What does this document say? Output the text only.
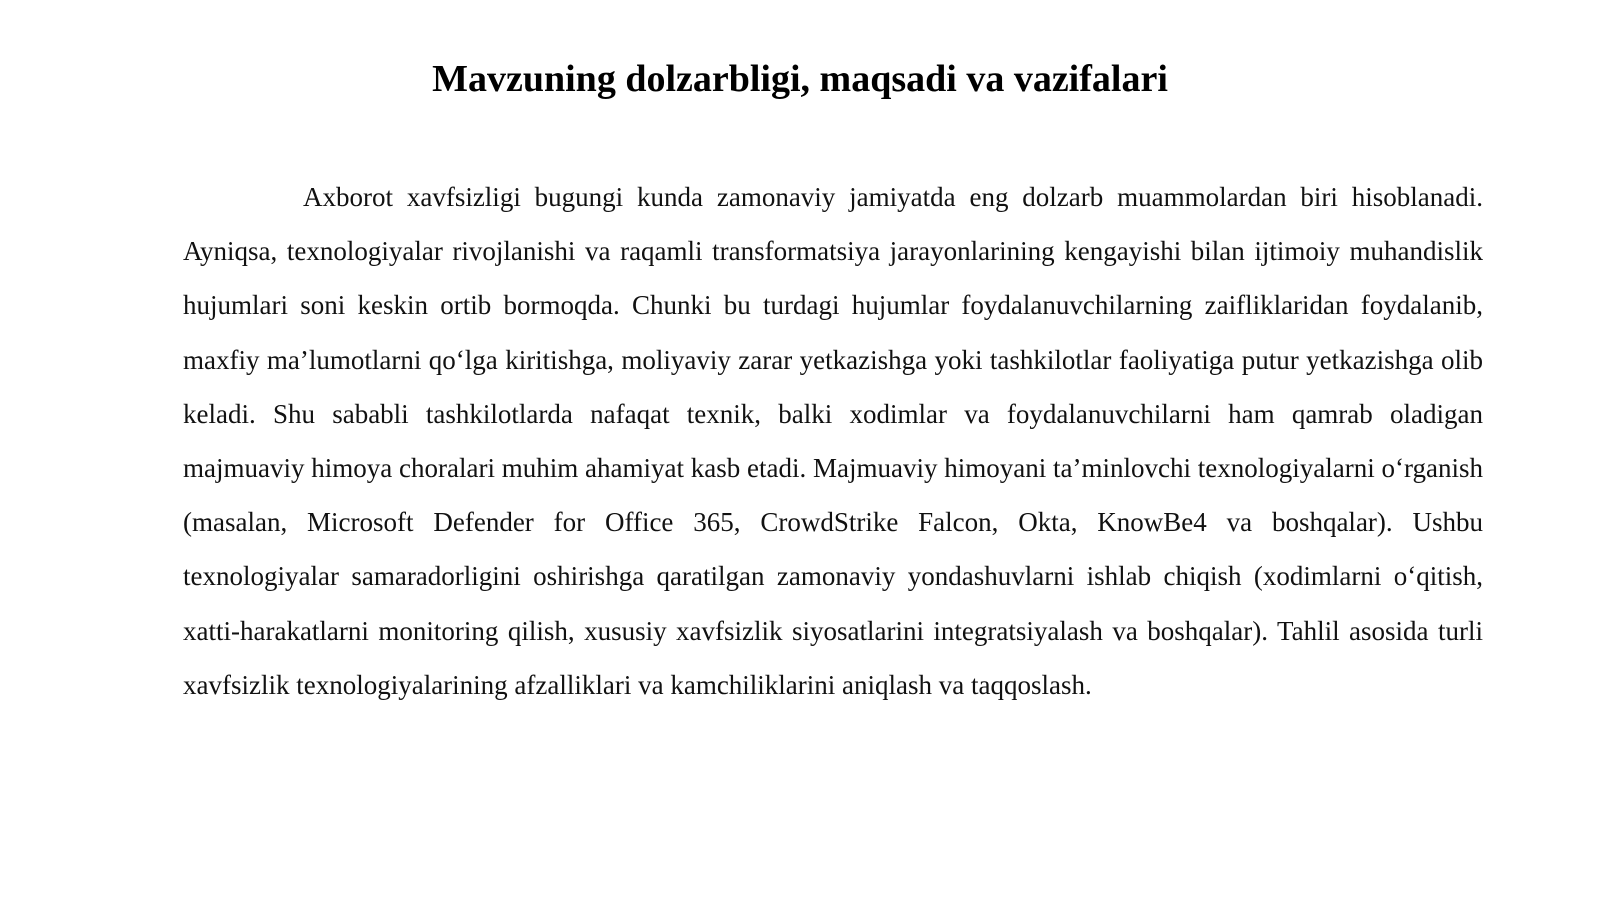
Mavzuning dolzarbligi, maqsadi va vazifalari

Axborot xavfsizligi bugungi kunda zamonaviy jamiyatda eng dolzarb muammolardan biri hisoblanadi. Ayniqsa, texnologiyalar rivojlanishi va raqamli transformatsiya jarayonlarining kengayishi bilan ijtimoiy muhandislik hujumlari soni keskin ortib bormoqda. Chunki bu turdagi hujumlar foydalanuvchilarning zaifliklaridan foydalanib, maxfiy ma’lumotlarni qo‘lga kiritishga, moliyaviy zarar yetkazishga yoki tashkilotlar faoliyatiga putur yetkazishga olib keladi. Shu sababli tashkilotlarda nafaqat texnik, balki xodimlar va foydalanuvchilarni ham qamrab oladigan majmuaviy himoya choralari muhim ahamiyat kasb etadi. Majmuaviy himoyani ta’minlovchi texnologiyalarni o‘rganish (masalan, Microsoft Defender for Office 365, CrowdStrike Falcon, Okta, KnowBe4 va boshqalar). Ushbu texnologiyalar samaradorligini oshirishga qaratilgan zamonaviy yondashuvlarni ishlab chiqish (xodimlarni o‘qitish, xatti-harakatlarni monitoring qilish, xususiy xavfsizlik siyosatlarini integratsiyalash va boshqalar). Tahlil asosida turli xavfsizlik texnologiyalarining afzalliklari va kamchiliklarini aniqlash va taqqoslash.
